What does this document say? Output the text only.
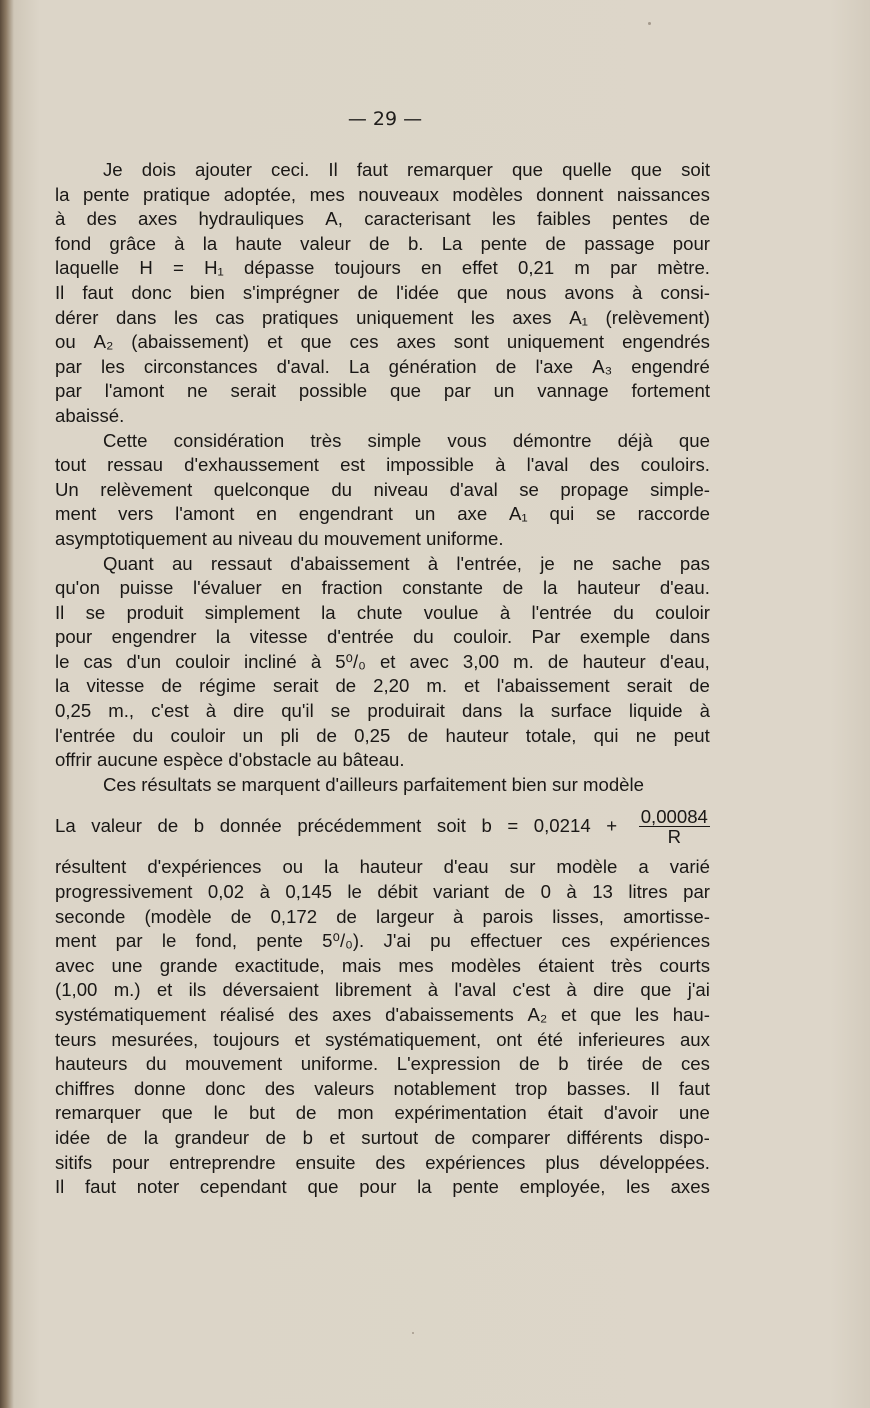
— 29 —
Je dois ajouter ceci. Il faut remarquer que quelle que soit
la pente pratique adoptée, mes nouveaux modèles donnent naissances
à des axes hydrauliques A, caracterisant les faibles pentes de
fond grâce à la haute valeur de b. La pente de passage pour
laquelle H = H₁ dépasse toujours en effet 0,21 m par mètre.
Il faut donc bien s'imprégner de l'idée que nous avons à consi-
dérer dans les cas pratiques uniquement les axes A₁ (relèvement)
ou A₂ (abaissement) et que ces axes sont uniquement engendrés
par les circonstances d'aval. La génération de l'axe A₃ engendré
par l'amont ne serait possible que par un vannage fortement
abaissé.
Cette considération très simple vous démontre déjà que
tout ressau d'exhaussement est impossible à l'aval des couloirs.
Un relèvement quelconque du niveau d'aval se propage simple-
ment vers l'amont en engendrant un axe A₁ qui se raccorde
asymptotiquement au niveau du mouvement uniforme.
Quant au ressaut d'abaissement à l'entrée, je ne sache pas
qu'on puisse l'évaluer en fraction constante de la hauteur d'eau.
Il se produit simplement la chute voulue à l'entrée du couloir
pour engendrer la vitesse d'entrée du couloir. Par exemple dans
le cas d'un couloir incliné à 5⁰/₀ et avec 3,00 m. de hauteur d'eau,
la vitesse de régime serait de 2,20 m. et l'abaissement serait de
0,25 m., c'est à dire qu'il se produirait dans la surface liquide à
l'entrée du couloir un pli de 0,25 de hauteur totale, qui ne peut
offrir aucune espèce d'obstacle au bâteau.
Ces résultats se marquent d'ailleurs parfaitement bien sur modèle
La valeur de b donnée précédemment soit $b = 0,0214 + \frac{0,00084}{R}$
résultent d'expériences ou la hauteur d'eau sur modèle a varié
progressivement 0,02 à 0,145 le débit variant de 0 à 13 litres par
seconde (modèle de 0,172 de largeur à parois lisses, amortisse-
ment par le fond, pente 5⁰/₀). J'ai pu effectuer ces expériences
avec une grande exactitude, mais mes modèles étaient très courts
(1,00 m.) et ils déversaient librement à l'aval c'est à dire que j'ai
systématiquement réalisé des axes d'abaissements A₂ et que les hau-
teurs mesurées, toujours et systématiquement, ont été inferieures aux
hauteurs du mouvement uniforme. L'expression de b tirée de ces
chiffres donne donc des valeurs notablement trop basses. Il faut
remarquer que le but de mon expérimentation était d'avoir une
idée de la grandeur de b et surtout de comparer différents dispo-
sitifs pour entreprendre ensuite des expériences plus développées.
Il faut noter cependant que pour la pente employée, les axes
